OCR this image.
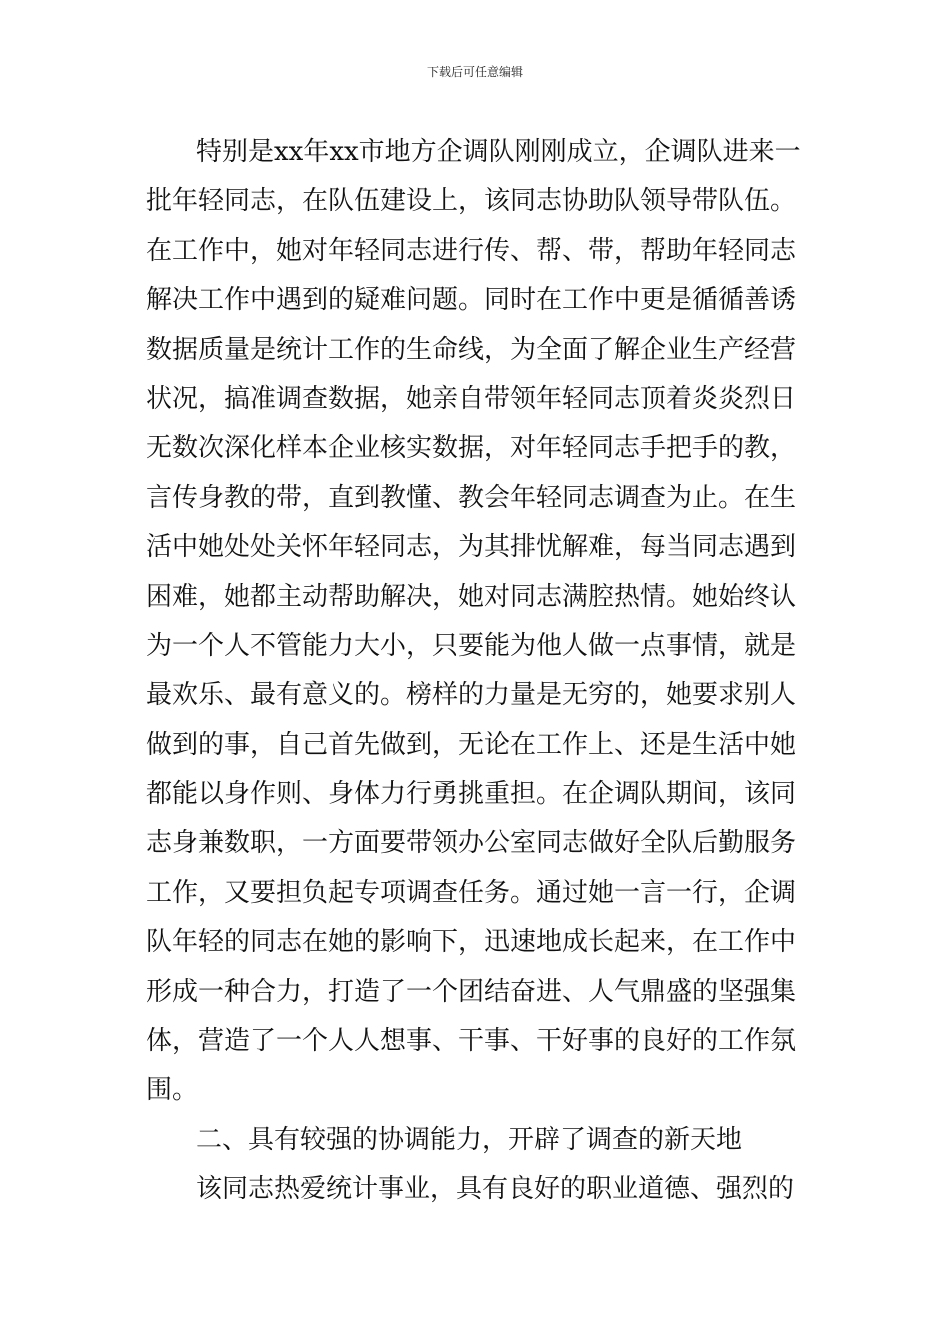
下载后可任意编辑
特别是xx年xx市地方企调队刚刚成立，企调队进来一
批年轻同志，在队伍建设上，该同志协助队领导带队伍。
在工作中，她对年轻同志进行传、帮、带，帮助年轻同志
解决工作中遇到的疑难问题。同时在工作中更是循循善诱
数据质量是统计工作的生命线，为全面了解企业生产经营
状况，搞准调查数据，她亲自带领年轻同志顶着炎炎烈日
无数次深化样本企业核实数据，对年轻同志手把手的教，
言传身教的带，直到教懂、教会年轻同志调查为止。在生
活中她处处关怀年轻同志，为其排忧解难，每当同志遇到
困难，她都主动帮助解决，她对同志满腔热情。她始终认
为一个人不管能力大小，只要能为他人做一点事情，就是
最欢乐、最有意义的。榜样的力量是无穷的，她要求别人
做到的事，自己首先做到，无论在工作上、还是生活中她
都能以身作则、身体力行勇挑重担。在企调队期间，该同
志身兼数职，一方面要带领办公室同志做好全队后勤服务
工作，又要担负起专项调查任务。通过她一言一行，企调
队年轻的同志在她的影响下，迅速地成长起来，在工作中
形成一种合力，打造了一个团结奋进、人气鼎盛的坚强集
体，营造了一个人人想事、干事、干好事的良好的工作氛
围。
二、具有较强的协调能力，开辟了调查的新天地
该同志热爱统计事业，具有良好的职业道德、强烈的
